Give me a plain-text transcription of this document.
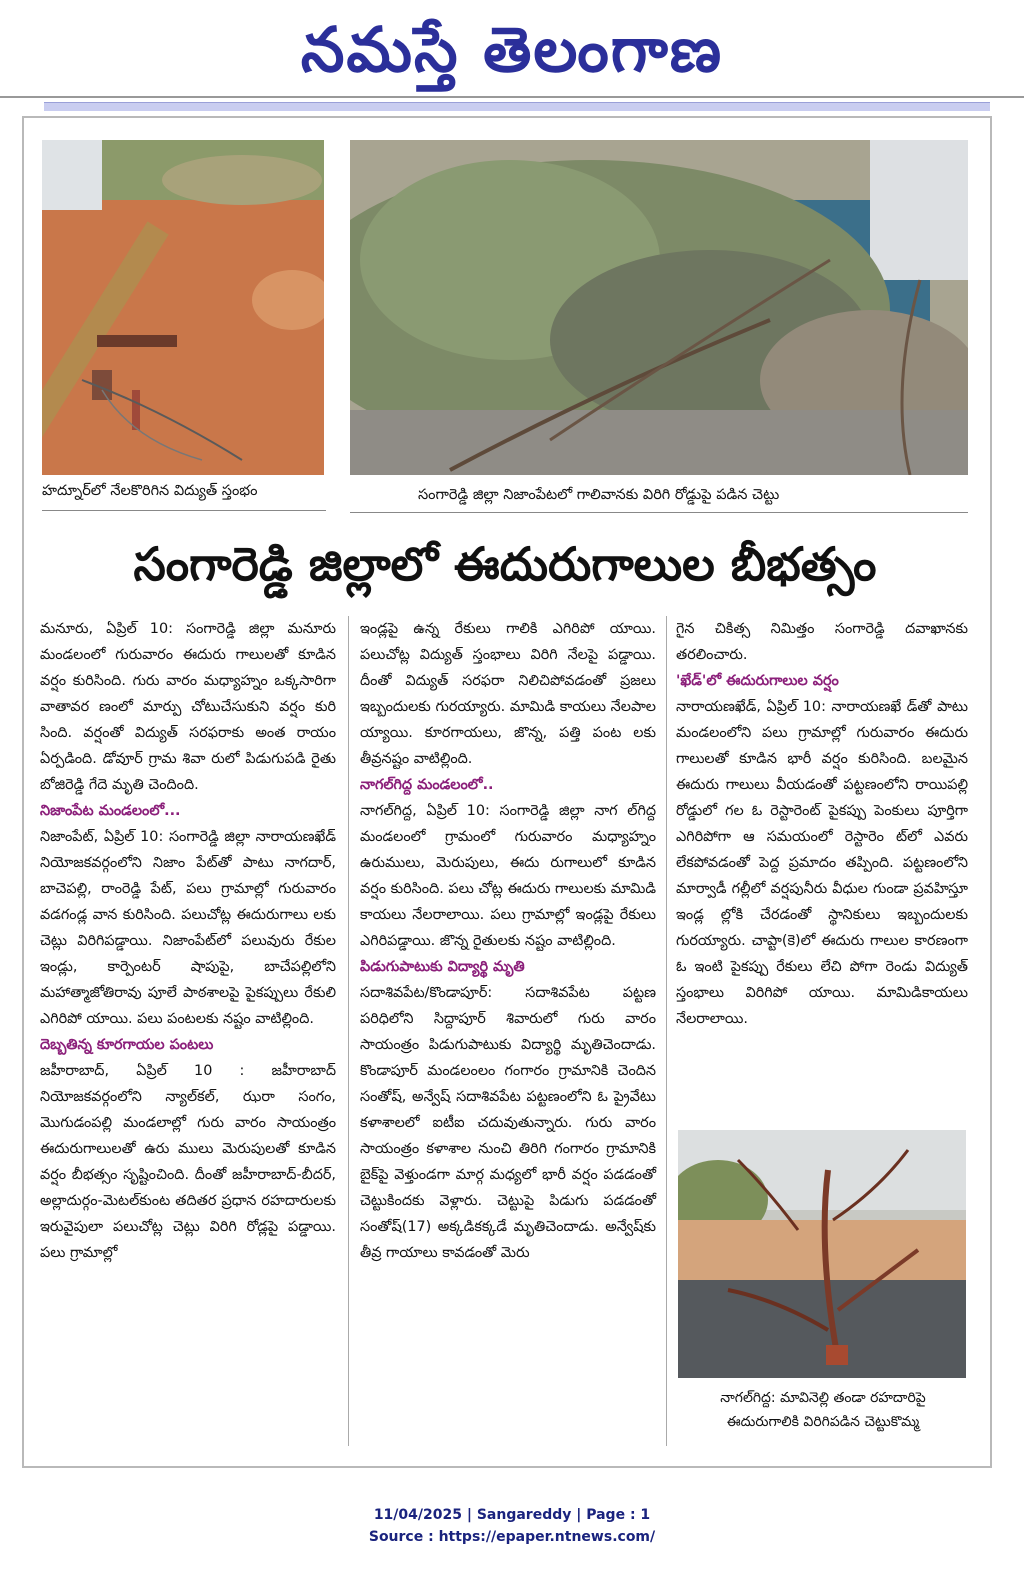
నమస్తే తెలంగాణ
హద్నూర్‌లో నేలకొరిగిన విద్యుత్ స్తంభం	సంగారెడ్డి జిల్లా నిజాంపేటలో గాలివానకు విరిగి రోడ్డుపై పడిన చెట్టు
సంగారెడ్డి జిల్లాలో ఈదురుగాలుల బీభత్సం

మనూరు, ఏప్రిల్ 10: సంగారెడ్డి జిల్లా మనూరు మండలంలో గురువారం ఈదురు గాలులతో కూడిన వర్షం కురిసింది. గురు వారం మధ్యాహ్నం ఒక్కసారిగా వాతావర ణంలో మార్పు చోటుచేసుకుని వర్షం కురి సింది. వర్షంతో విద్యుత్ సరఫరాకు అంత రాయం ఏర్పడింది. డోవూర్ గ్రామ శివా రులో పిడుగుపడి రైతు బోజిరెడ్డి గేదె మృతి చెందింది.

నిజాంపేట మండలంలో...

నిజాంపేట్, ఏప్రిల్ 10: సంగారెడ్డి జిల్లా నారాయణఖేడ్ నియోజకవర్గంలోని నిజాం పేట్‌తో పాటు నాగదార్, బాచెపల్లి, రాంరెడ్డి పేట్, పలు గ్రామాల్లో గురువారం వడగండ్ల వాన కురిసింది. పలుచోట్ల ఈదురుగాలు లకు చెట్లు విరిగిపడ్డాయి. నిజాంపేట్‌లో పలువురు రేకుల ఇండ్లు, కార్పెంటర్ షాపుపై, బాచేపల్లిలోని మహాత్మాజోతిరావు పూలే పాఠశాలపై పైకప్పులు రేకులి ఎగిరిపో యాయి. పలు పంటలకు నష్టం వాటిల్లింది.

దెబ్బతిన్న కూరగాయల పంటలు

జహీరాబాద్, ఏప్రిల్ 10 : జహీరాబాద్ నియోజకవర్గంలోని న్యాల్‌కల్, ఝరా సంగం, మొగుడంపల్లి మండలాల్లో గురు వారం సాయంత్రం ఈదురుగాలులతో ఉరు ములు మెరుపులతో కూడిన వర్షం బీభత్సం సృష్టించింది. దీంతో జహీరాబాద్-బీదర్, అల్లాదుర్గం-మెటల్‌కుంట తదితర ప్రధాన రహదారులకు ఇరువైపులా పలుచోట్ల చెట్లు విరిగి రోడ్లపై పడ్డాయి. పలు గ్రామాల్లో

ఇండ్లపై ఉన్న రేకులు గాలికి ఎగిరిపో యాయి. పలుచోట్ల విద్యుత్ స్తంభాలు విరిగి నేలపై పడ్డాయి. దీంతో విద్యుత్ సరఫరా నిలిచిపోవడంతో ప్రజలు ఇబ్బందులకు గురయ్యారు. మామిడి కాయలు నేలపాల య్యాయి. కూరగాయలు, జొన్న, పత్తి పంట లకు తీవ్రనష్టం వాటిల్లింది.

నాగల్‌గిద్ద మండలంలో..

నాగల్‌గిద్ద, ఏప్రిల్ 10: సంగారెడ్డి జిల్లా నాగ ల్‌గిద్ద మండలంలో గ్రామంలో గురువారం మధ్యాహ్నం ఉరుములు, మెరుపులు, ఈదు రుగాలులో కూడిన వర్షం కురిసింది. పలు చోట్ల ఈదురు గాలులకు మామిడి కాయలు నేలరాలాయి. పలు గ్రామాల్లో ఇండ్లపై రేకులు ఎగిరిపడ్డాయి. జొన్న రైతులకు నష్టం వాటిల్లింది.

పిడుగుపాటుకు విద్యార్థి మృతి

సదాశివపేట/కొండాపూర్: సదాశివపేట పట్టణ పరిధిలోని సిద్దాపూర్ శివారులో గురు వారం సాయంత్రం పిడుగుపాటుకు విద్యార్థి మృతిచెందాడు. కొండాపూర్ మండలంలం గంగారం గ్రామానికి చెందిన సంతోష్, అన్వేష్ సదాశివపేట పట్టణంలోని ఓ ప్రైవేటు కళాశాలలో ఐటీఐ చదువుతున్నారు. గురు వారం సాయంత్రం కళాశాల నుంచి తిరిగి గంగారం గ్రామానికి బైక్‌పై వెళ్తుండగా మార్గ మధ్యలో భారీ వర్షం పడడంతో చెట్టుకిందకు వెళ్లారు. చెట్టుపై పిడుగు పడడంతో సంతోష్(17) అక్కడికక్కడే మృతిచెందాడు. అన్వేష్‌కు తీవ్ర గాయాలు కావడంతో మెరు

గైన చికిత్స నిమిత్తం సంగారెడ్డి దవాఖానకు తరలించారు.

'ఖేడ్'లో ఈదురుగాలుల వర్షం

నారాయణఖేడ్, ఏప్రిల్ 10: నారాయణఖే డ్‌తో పాటు మండలంలోని పలు గ్రామాల్లో గురువారం ఈదురు గాలులతో కూడిన భారీ వర్షం కురిసింది. బలమైన ఈదురు గాలులు వీయడంతో పట్టణంలోని రాయిపల్లి రోడ్డులో గల ఓ రెస్టారెంట్ పైకప్పు పెంకులు పూర్తిగా ఎగిరిపోగా ఆ సమయంలో రెస్టారెం ట్‌లో ఎవరు లేకపోవడంతో పెద్ద ప్రమాదం తప్పింది. పట్టణంలోని మార్వాడీ గల్లీలో వర్షపునీరు వీధుల గుండా ప్రవహిస్తూ ఇండ్ల ల్లోకి చేరడంతో స్థానికులు ఇబ్బందులకు గురయ్యారు. చాప్టా(కె)లో ఈదురు గాలుల కారణంగా ఓ ఇంటి పైకప్పు రేకులు లేచి పోగా రెండు విద్యుత్ స్తంభాలు విరిగిపో యాయి. మామిడికాయలు నేలరాలాయి.

నాగల్‌గిద్ద: మావినెల్లి తండా రహదారిపై
ఈదురుగాలికి విరిగిపడిన చెట్టుకొమ్మ
11/04/2025 | Sangareddy | Page : 1
Source : https://epaper.ntnews.com/
